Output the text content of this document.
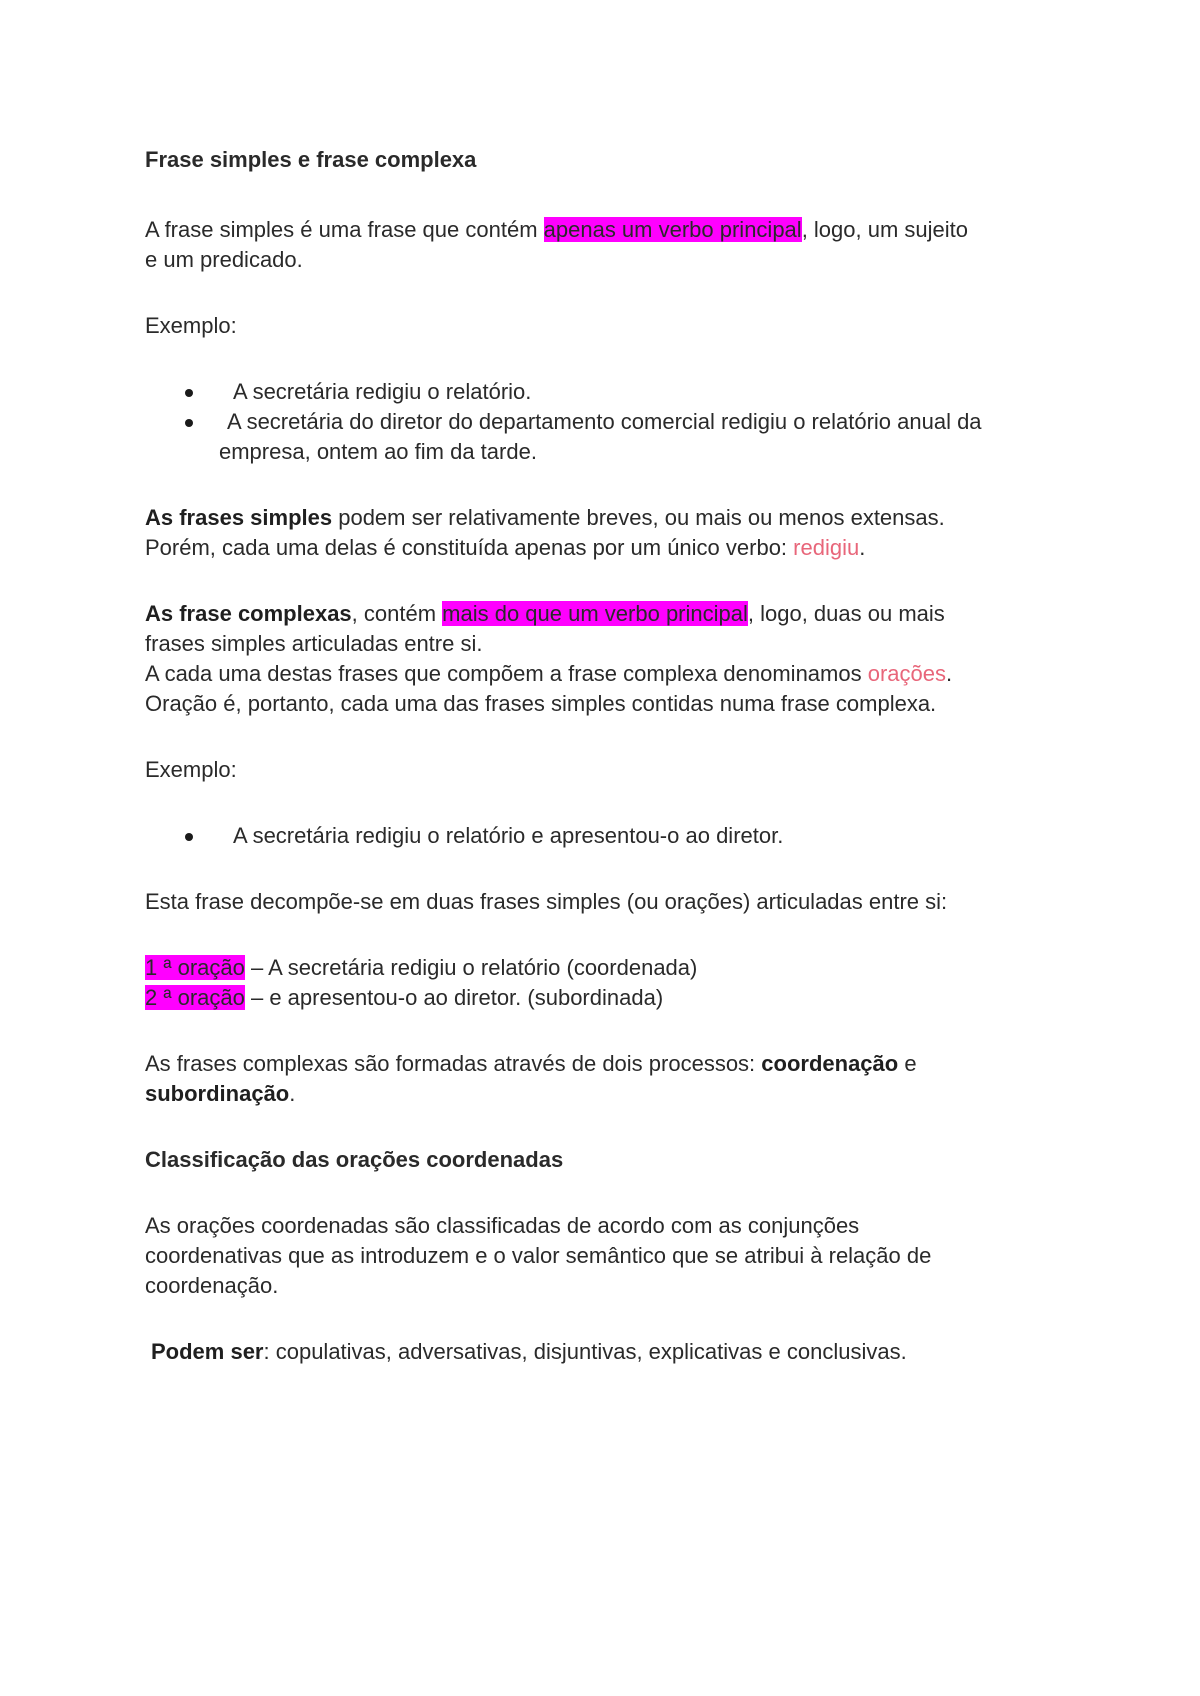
Frase simples e frase complexa

A frase simples é uma frase que contém apenas um verbo principal, logo, um sujeito
e um predicado.

Exemplo:

A secretária redigiu o relatório.
A secretária do diretor do departamento comercial redigiu o relatório anual da
empresa, ontem ao fim da tarde.

As frases simples podem ser relativamente breves, ou mais ou menos extensas.
Porém, cada uma delas é constituída apenas por um único verbo: redigiu.

As frase complexas, contém mais do que um verbo principal, logo, duas ou mais
frases simples articuladas entre si.
A cada uma destas frases que compõem a frase complexa denominamos orações.
Oração é, portanto, cada uma das frases simples contidas numa frase complexa.

Exemplo:

A secretária redigiu o relatório e apresentou-o ao diretor.

Esta frase decompõe-se em duas frases simples (ou orações) articuladas entre si:

1 ª oração – A secretária redigiu o relatório (coordenada)
2 ª oração – e apresentou-o ao diretor. (subordinada)

As frases complexas são formadas através de dois processos: coordenação e
subordinação.

Classificação das orações coordenadas

As orações coordenadas são classificadas de acordo com as conjunções
coordenativas que as introduzem e o valor semântico que se atribui à relação de
coordenação.

Podem ser: copulativas, adversativas, disjuntivas, explicativas e conclusivas.
